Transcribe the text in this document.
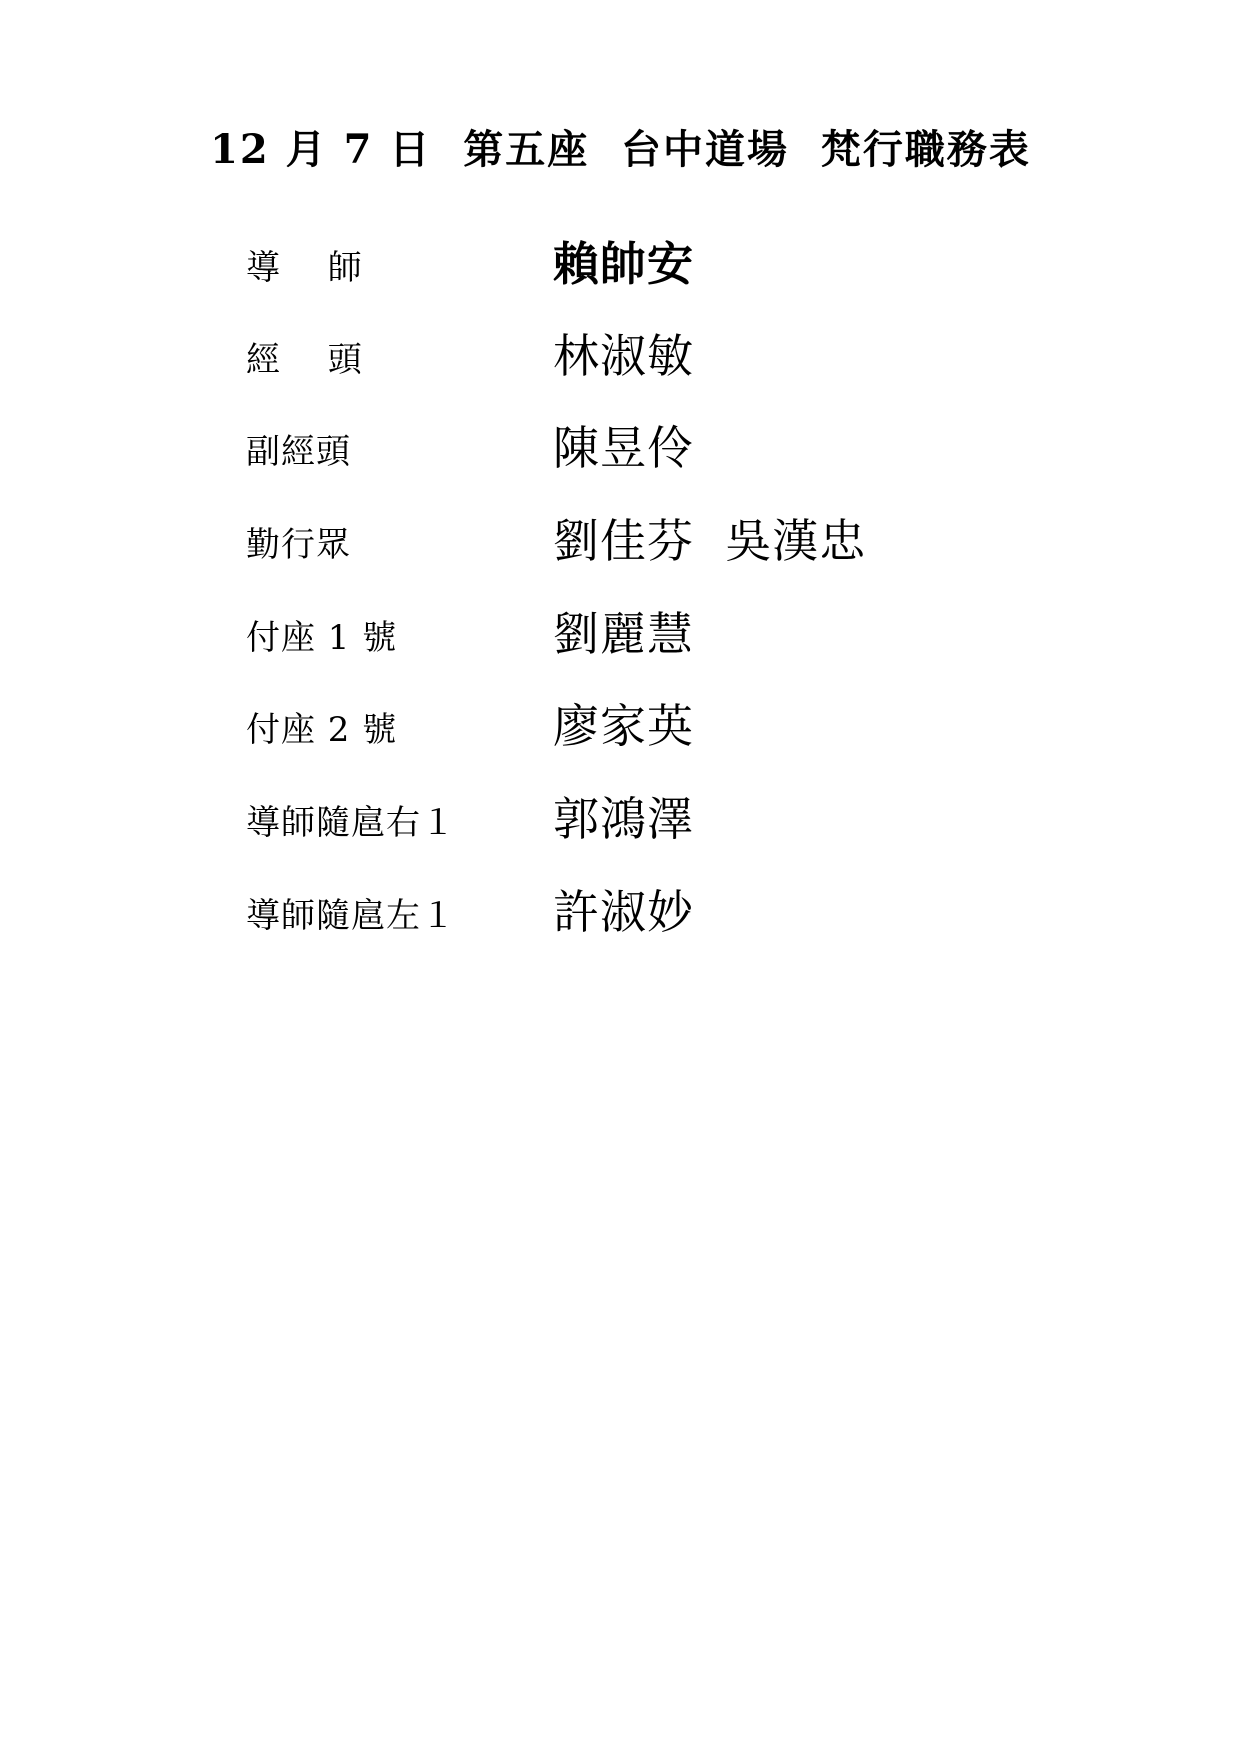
12 月 7 日  第五座  台中道場  梵行職務表
導　 師	賴帥安
經　 頭	林淑敏
副經頭	陳昱伶
勤行眾	劉佳芬  吳漢忠
付座 1 號	劉麗慧
付座 2 號	廖家英
導師隨扈右１ 郭鴻澤
導師隨扈左１ 許淑妙
